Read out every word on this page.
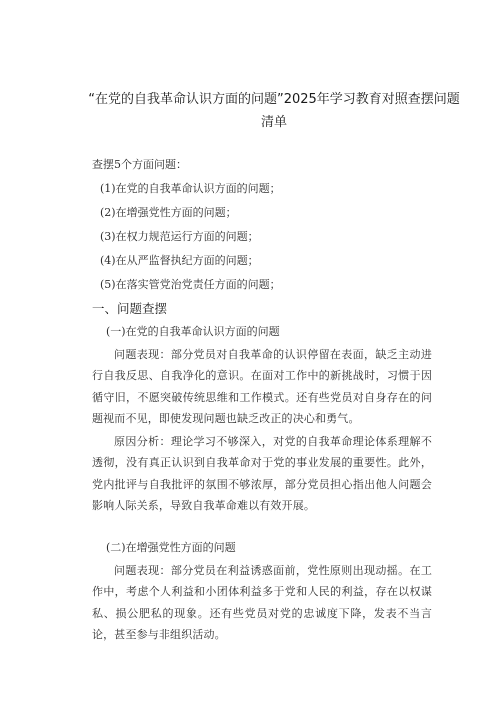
“在党的自我革命认识方面的问题”2025年学习教育对照查摆问题清单
查摆5个方面问题：
(1)在党的自我革命认识方面的问题；
(2)在增强党性方面的问题；
(3)在权力规范运行方面的问题；
(4)在从严监督执纪方面的问题；
(5)在落实管党治党责任方面的问题；
一、问题查摆
(一)在党的自我革命认识方面的问题
问题表现：部分党员对自我革命的认识停留在表面，缺乏主动进行自我反思、自我净化的意识。在面对工作中的新挑战时，习惯于因循守旧，不愿突破传统思维和工作模式。还有些党员对自身存在的问题视而不见，即使发现问题也缺乏改正的决心和勇气。
原因分析：理论学习不够深入，对党的自我革命理论体系理解不透彻，没有真正认识到自我革命对于党的事业发展的重要性。此外，党内批评与自我批评的氛围不够浓厚，部分党员担心指出他人问题会影响人际关系，导致自我革命难以有效开展。
(二)在增强党性方面的问题
问题表现：部分党员在利益诱惑面前，党性原则出现动摇。在工作中，考虑个人利益和小团体利益多于党和人民的利益，存在以权谋私、损公肥私的现象。还有些党员对党的忠诚度下降，发表不当言论，甚至参与非组织活动。
